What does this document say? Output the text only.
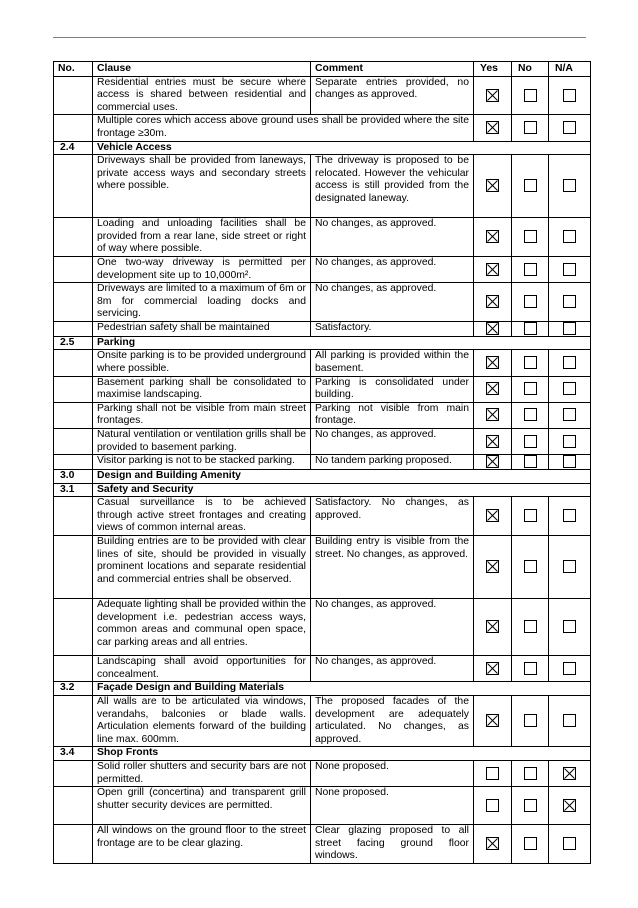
No.	Clause	Comment	Yes	No	N/A
	Residential entries must be secure where access is shared between residential and commercial uses.	Separate entries provided, no changes as approved.	

	Multiple cores which access above ground uses shall be provided where the site frontage ≥30m.	

2.4	Vehicle Access				
	Driveways shall be provided from laneways, private access ways and secondary streets where possible.	The driveway is proposed to be relocated. However the vehicular access is still provided from the designated laneway.	

	Loading and unloading facilities shall be provided from a rear lane, side street or right of way where possible.	No changes, as approved.	

	One two-way driveway is permitted per development site up to 10,000m².	No changes, as approved.	

	Driveways are limited to a maximum of 6m or 8m for commercial loading docks and servicing.	No changes, as approved.	

	Pedestrian safety shall be maintained	Satisfactory.	

2.5	Parking				
	Onsite parking is to be provided underground where possible.	All parking is provided within the basement.	

	Basement parking shall be consolidated to maximise landscaping.	Parking is consolidated under building.	

	Parking shall not be visible from main street frontages.	Parking not visible from main frontage.	

	Natural ventilation or ventilation grills shall be provided to basement parking.	No changes, as approved.	

	Visitor parking is not to be stacked parking.	No tandem parking proposed.	

3.0	Design and Building Amenity				
3.1	Safety and Security				
	Casual surveillance is to be achieved through active street frontages and creating views of common internal areas.	Satisfactory. No changes, as approved.	

	Building entries are to be provided with clear lines of site, should be provided in visually prominent locations and separate residential and commercial entries shall be observed.	Building entry is visible from the street. No changes, as approved.	

	Adequate lighting shall be provided within the development i.e. pedestrian access ways, common areas and communal open space, car parking areas and all entries.	No changes, as approved.	

	Landscaping shall avoid opportunities for concealment.	No changes, as approved.	

3.2	Façade Design and Building Materials				
	All walls are to be articulated via windows, verandahs, balconies or blade walls. Articulation elements forward of the building line max. 600mm.	The proposed facades of the development are adequately articulated. No changes, as approved.	

3.4	Shop Fronts				
	Solid roller shutters and security bars are not permitted.	None proposed.			

	Open grill (concertina) and transparent grill shutter security devices are permitted.	None proposed.			

	All windows on the ground floor to the street frontage are to be clear glazing.	Clear glazing proposed to all street facing ground floor windows.	
